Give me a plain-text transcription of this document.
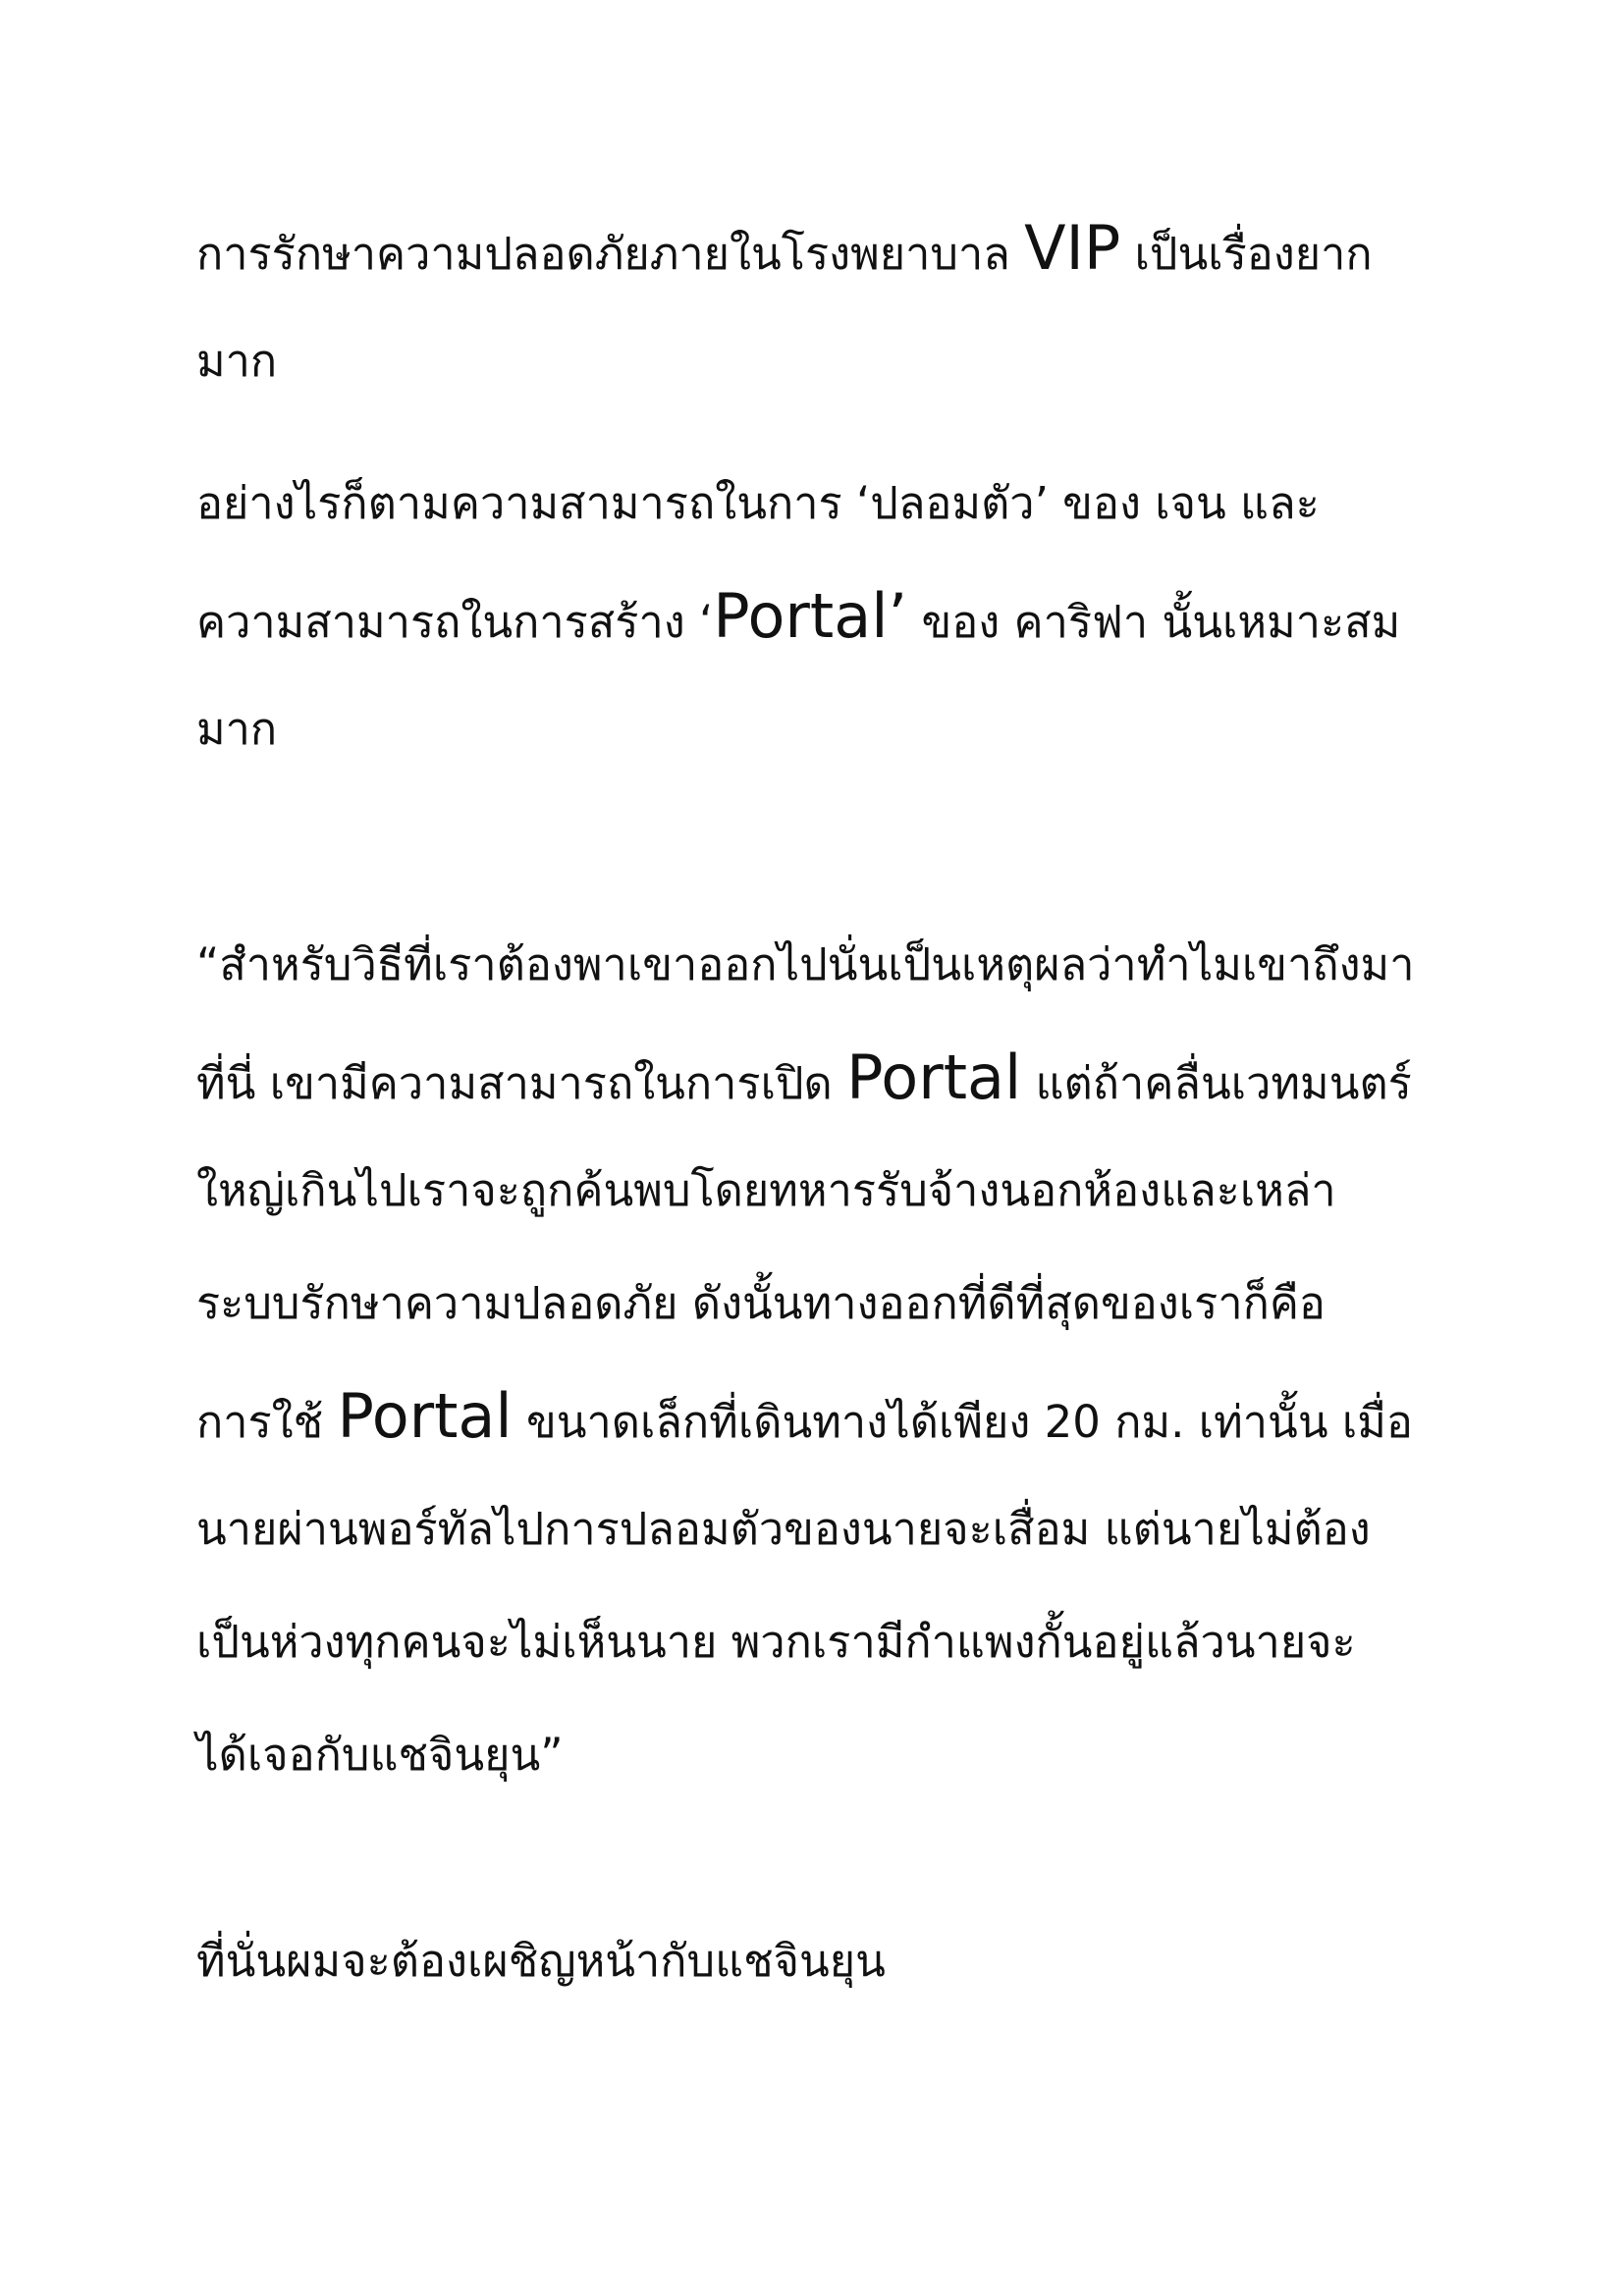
การรักษาความปลอดภัยภายในโรงพยาบาล VIP เป็นเรื่องยาก
มาก
อย่างไรก็ตามความสามารถในการ ‘ปลอมตัว’ ของ เจน และ
ความสามารถในการสร้าง ‘Portal’ ของ คาริฟา นั้นเหมาะสม
มาก
“สำหรับวิธีที่เราต้องพาเขาออกไปนั่นเป็นเหตุผลว่าทำไมเขาถึงมา
ที่นี่ เขามีความสามารถในการเปิด Portal แต่ถ้าคลื่นเวทมนตร์
ใหญ่เกินไปเราจะถูกค้นพบโดยทหารรับจ้างนอกห้องและเหล่า
ระบบรักษาความปลอดภัย ดังนั้นทางออกที่ดีที่สุดของเราก็คือ
การใช้ Portal ขนาดเล็กที่เดินทางได้เพียง 20 กม. เท่านั้น เมื่อ
นายผ่านพอร์ทัลไปการปลอมตัวของนายจะเสื่อม แต่นายไม่ต้อง
เป็นห่วงทุกคนจะไม่เห็นนาย พวกเรามีกำแพงกั้นอยู่แล้วนายจะ
ได้เจอกับแชจินยุน”
ที่นั่นผมจะต้องเผชิญหน้ากับแชจินยุน
